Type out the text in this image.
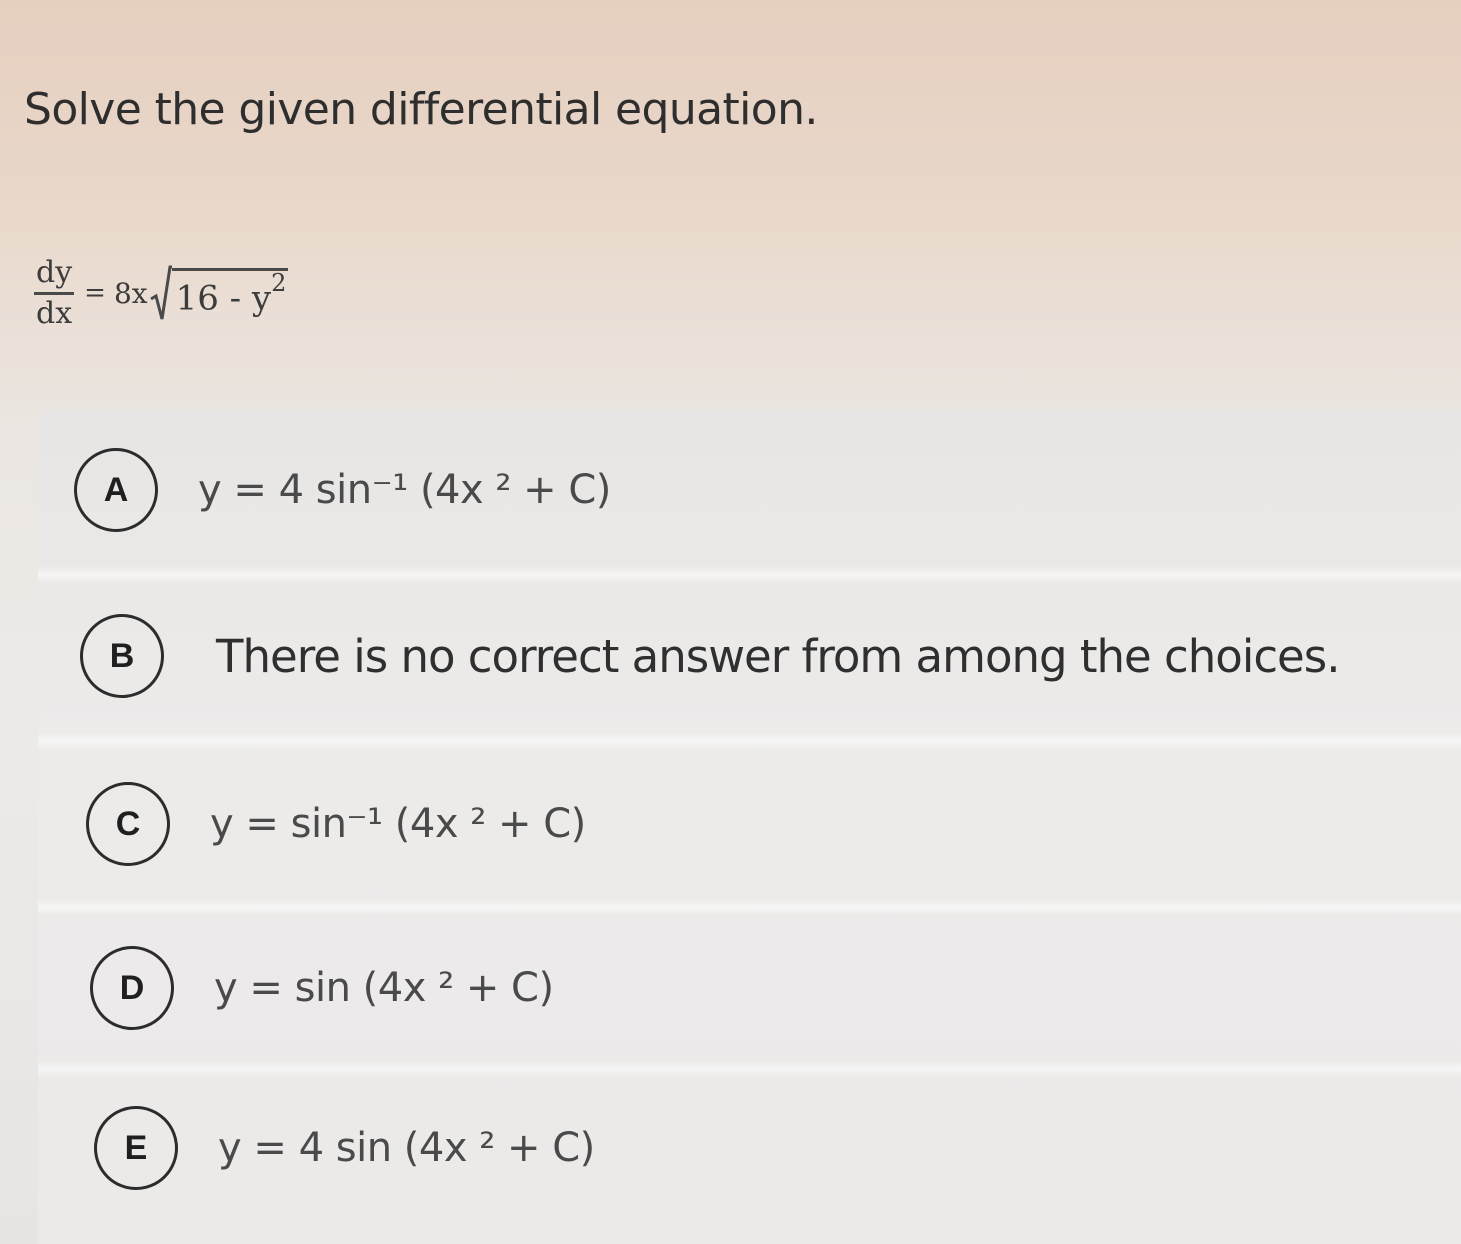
Solve the given differential equation.
$\frac{dy}{dx} = 8x$ $16 - y^2$
A	y = 4 sin⁻¹ (4x ² + C)
B	There is no correct answer from among the choices.
C	y = sin⁻¹ (4x ² + C)
D	y = sin (4x ² + C)
E	y = 4 sin (4x ² + C)
